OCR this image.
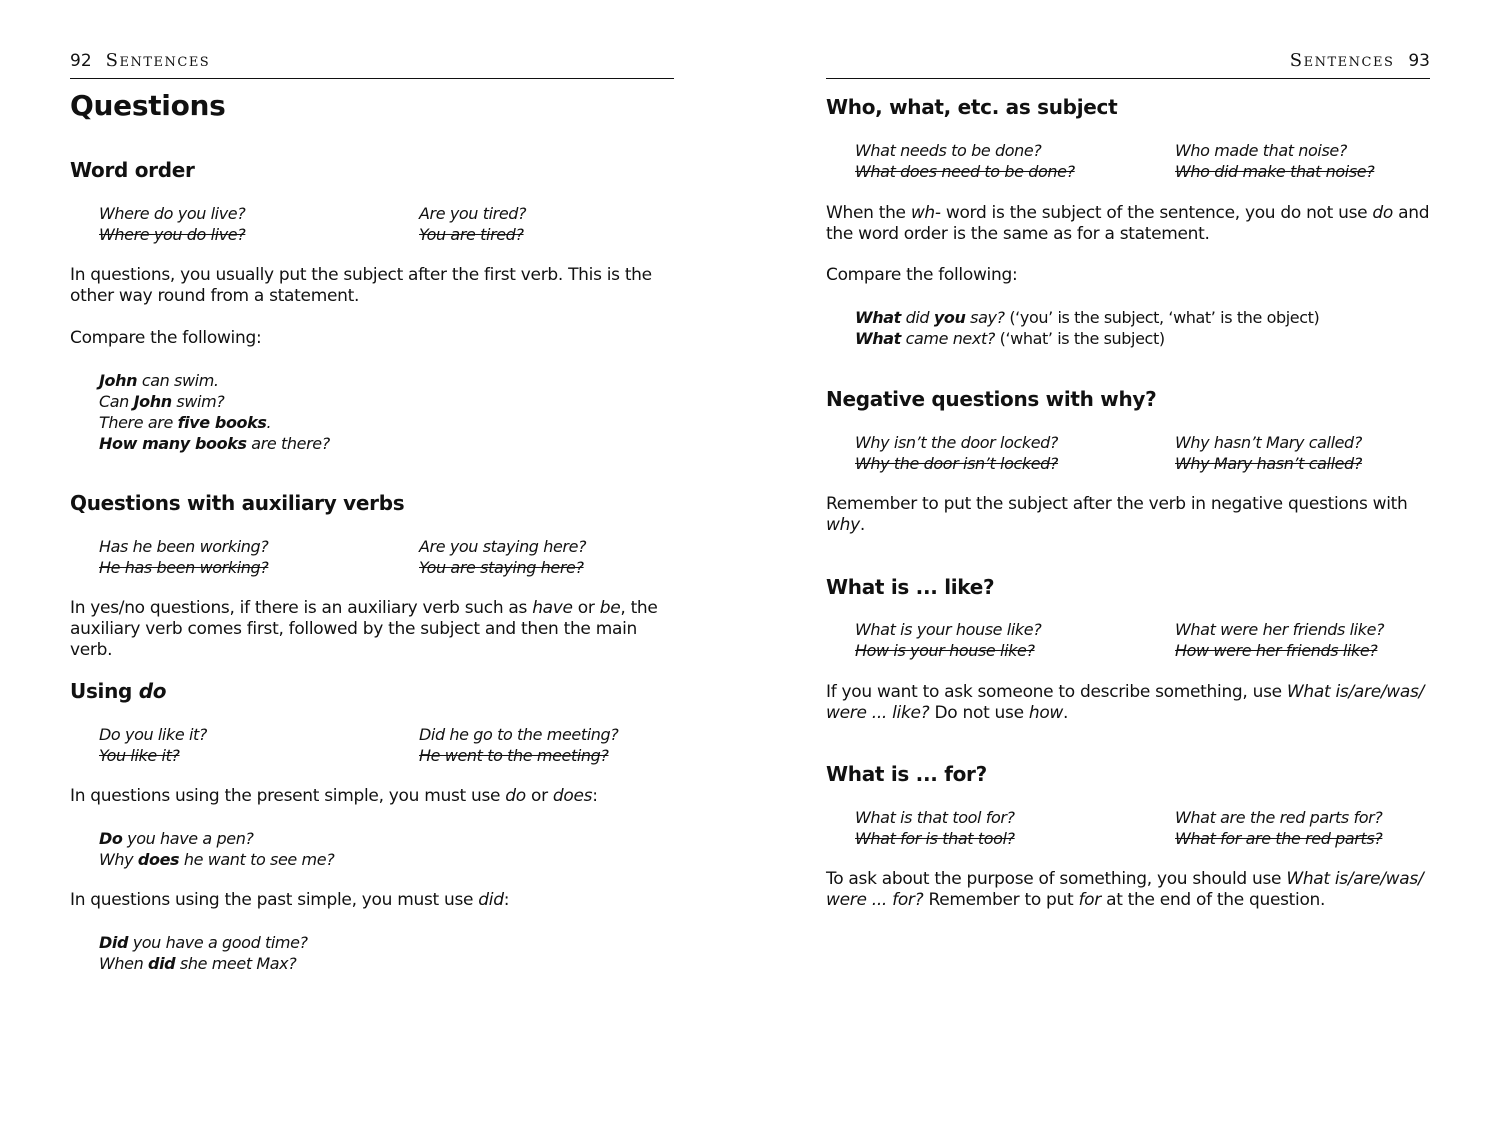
92 Sentences
Questions
Word order
Where do you live?
Where you do live?
Are you tired?
You are tired?
In questions, you usually put the subject after the first verb. This is the other way round from a statement.
Compare the following:
John can swim.
Can John swim?
There are five books.
How many books are there?
Questions with auxiliary verbs
Has he been working?
He has been working?
Are you staying here?
You are staying here?
In yes/no questions, if there is an auxiliary verb such as have or be, the auxiliary verb comes first, followed by the subject and then the main verb.
Using do
Do you like it?
You like it?
Did he go to the meeting?
He went to the meeting?
In questions using the present simple, you must use do or does:
Do you have a pen?
Why does he want to see me?
In questions using the past simple, you must use did:
Did you have a good time?
When did she meet Max?
Sentences 93
Who, what, etc. as subject
What needs to be done?
What does need to be done?
Who made that noise?
Who did make that noise?
When the wh- word is the subject of the sentence, you do not use do and the word order is the same as for a statement.
Compare the following:
What did you say? (‘you’ is the subject, ‘what’ is the object)
What came next? (‘what’ is the subject)
Negative questions with why?
Why isn’t the door locked?
Why the door isn’t locked?
Why hasn’t Mary called?
Why Mary hasn’t called?
Remember to put the subject after the verb in negative questions with why.
What is ... like?
What is your house like?
How is your house like?
What were her friends like?
How were her friends like?
If you want to ask someone to describe something, use What is/are/was/
were ... like? Do not use how.
What is ... for?
What is that tool for?
What for is that tool?
What are the red parts for?
What for are the red parts?
To ask about the purpose of something, you should use What is/are/was/
were ... for? Remember to put for at the end of the question.
